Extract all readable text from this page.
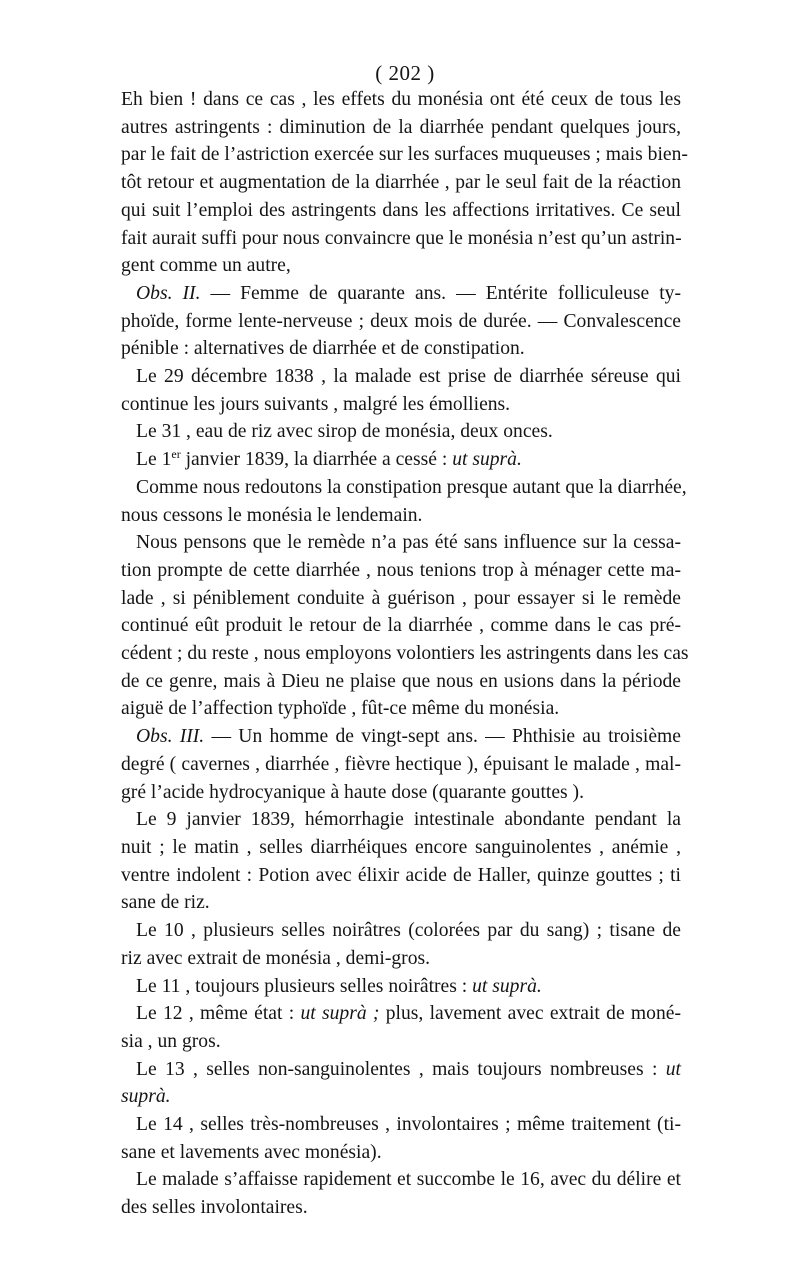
( 202 )
Eh bien ! dans ce cas , les effets du monésia ont été ceux de tous les
autres astringents : diminution de la diarrhée pendant quelques jours,
par le fait de l’astriction exercée sur les surfaces muqueuses ; mais bien-
tôt retour et augmentation de la diarrhée , par le seul fait de la réaction
qui suit l’emploi des astringents dans les affections irritatives. Ce seul
fait aurait suffi pour nous convaincre que le monésia n’est qu’un astrin-
gent comme un autre,
Obs. II. — Femme de quarante ans. — Entérite folliculeuse ty-
phoïde, forme lente-nerveuse ; deux mois de durée. — Convalescence
pénible : alternatives de diarrhée et de constipation.
Le 29 décembre 1838 , la malade est prise de diarrhée séreuse qui
continue les jours suivants , malgré les émolliens.
Le 31 , eau de riz avec sirop de monésia, deux onces.
Le 1er janvier 1839, la diarrhée a cessé : ut suprà.
Comme nous redoutons la constipation presque autant que la diarrhée,
nous cessons le monésia le lendemain.
Nous pensons que le remède n’a pas été sans influence sur la cessa-
tion prompte de cette diarrhée , nous tenions trop à ménager cette ma-
lade , si péniblement conduite à guérison , pour essayer si le remède
continué eût produit le retour de la diarrhée , comme dans le cas pré-
cédent ; du reste , nous employons volontiers les astringents dans les cas
de ce genre, mais à Dieu ne plaise que nous en usions dans la période
aiguë de l’affection typhoïde , fût-ce même du monésia.
Obs. III. — Un homme de vingt-sept ans. — Phthisie au troisième
degré ( cavernes , diarrhée , fièvre hectique ), épuisant le malade , mal-
gré l’acide hydrocyanique à haute dose (quarante gouttes ).
Le 9 janvier 1839, hémorrhagie intestinale abondante pendant la
nuit ; le matin , selles diarrhéiques encore sanguinolentes , anémie ,
ventre indolent : Potion avec élixir acide de Haller, quinze gouttes ; ti
sane de riz.
Le 10 , plusieurs selles noirâtres (colorées par du sang) ; tisane de
riz avec extrait de monésia , demi-gros.
Le 11 , toujours plusieurs selles noirâtres : ut suprà.
Le 12 , même état : ut suprà ; plus, lavement avec extrait de moné-
sia , un gros.
Le 13 , selles non-sanguinolentes , mais toujours nombreuses : ut
suprà.
Le 14 , selles très-nombreuses , involontaires ; même traitement (ti-
sane et lavements avec monésia).
Le malade s’affaisse rapidement et succombe le 16, avec du délire et
des selles involontaires.
